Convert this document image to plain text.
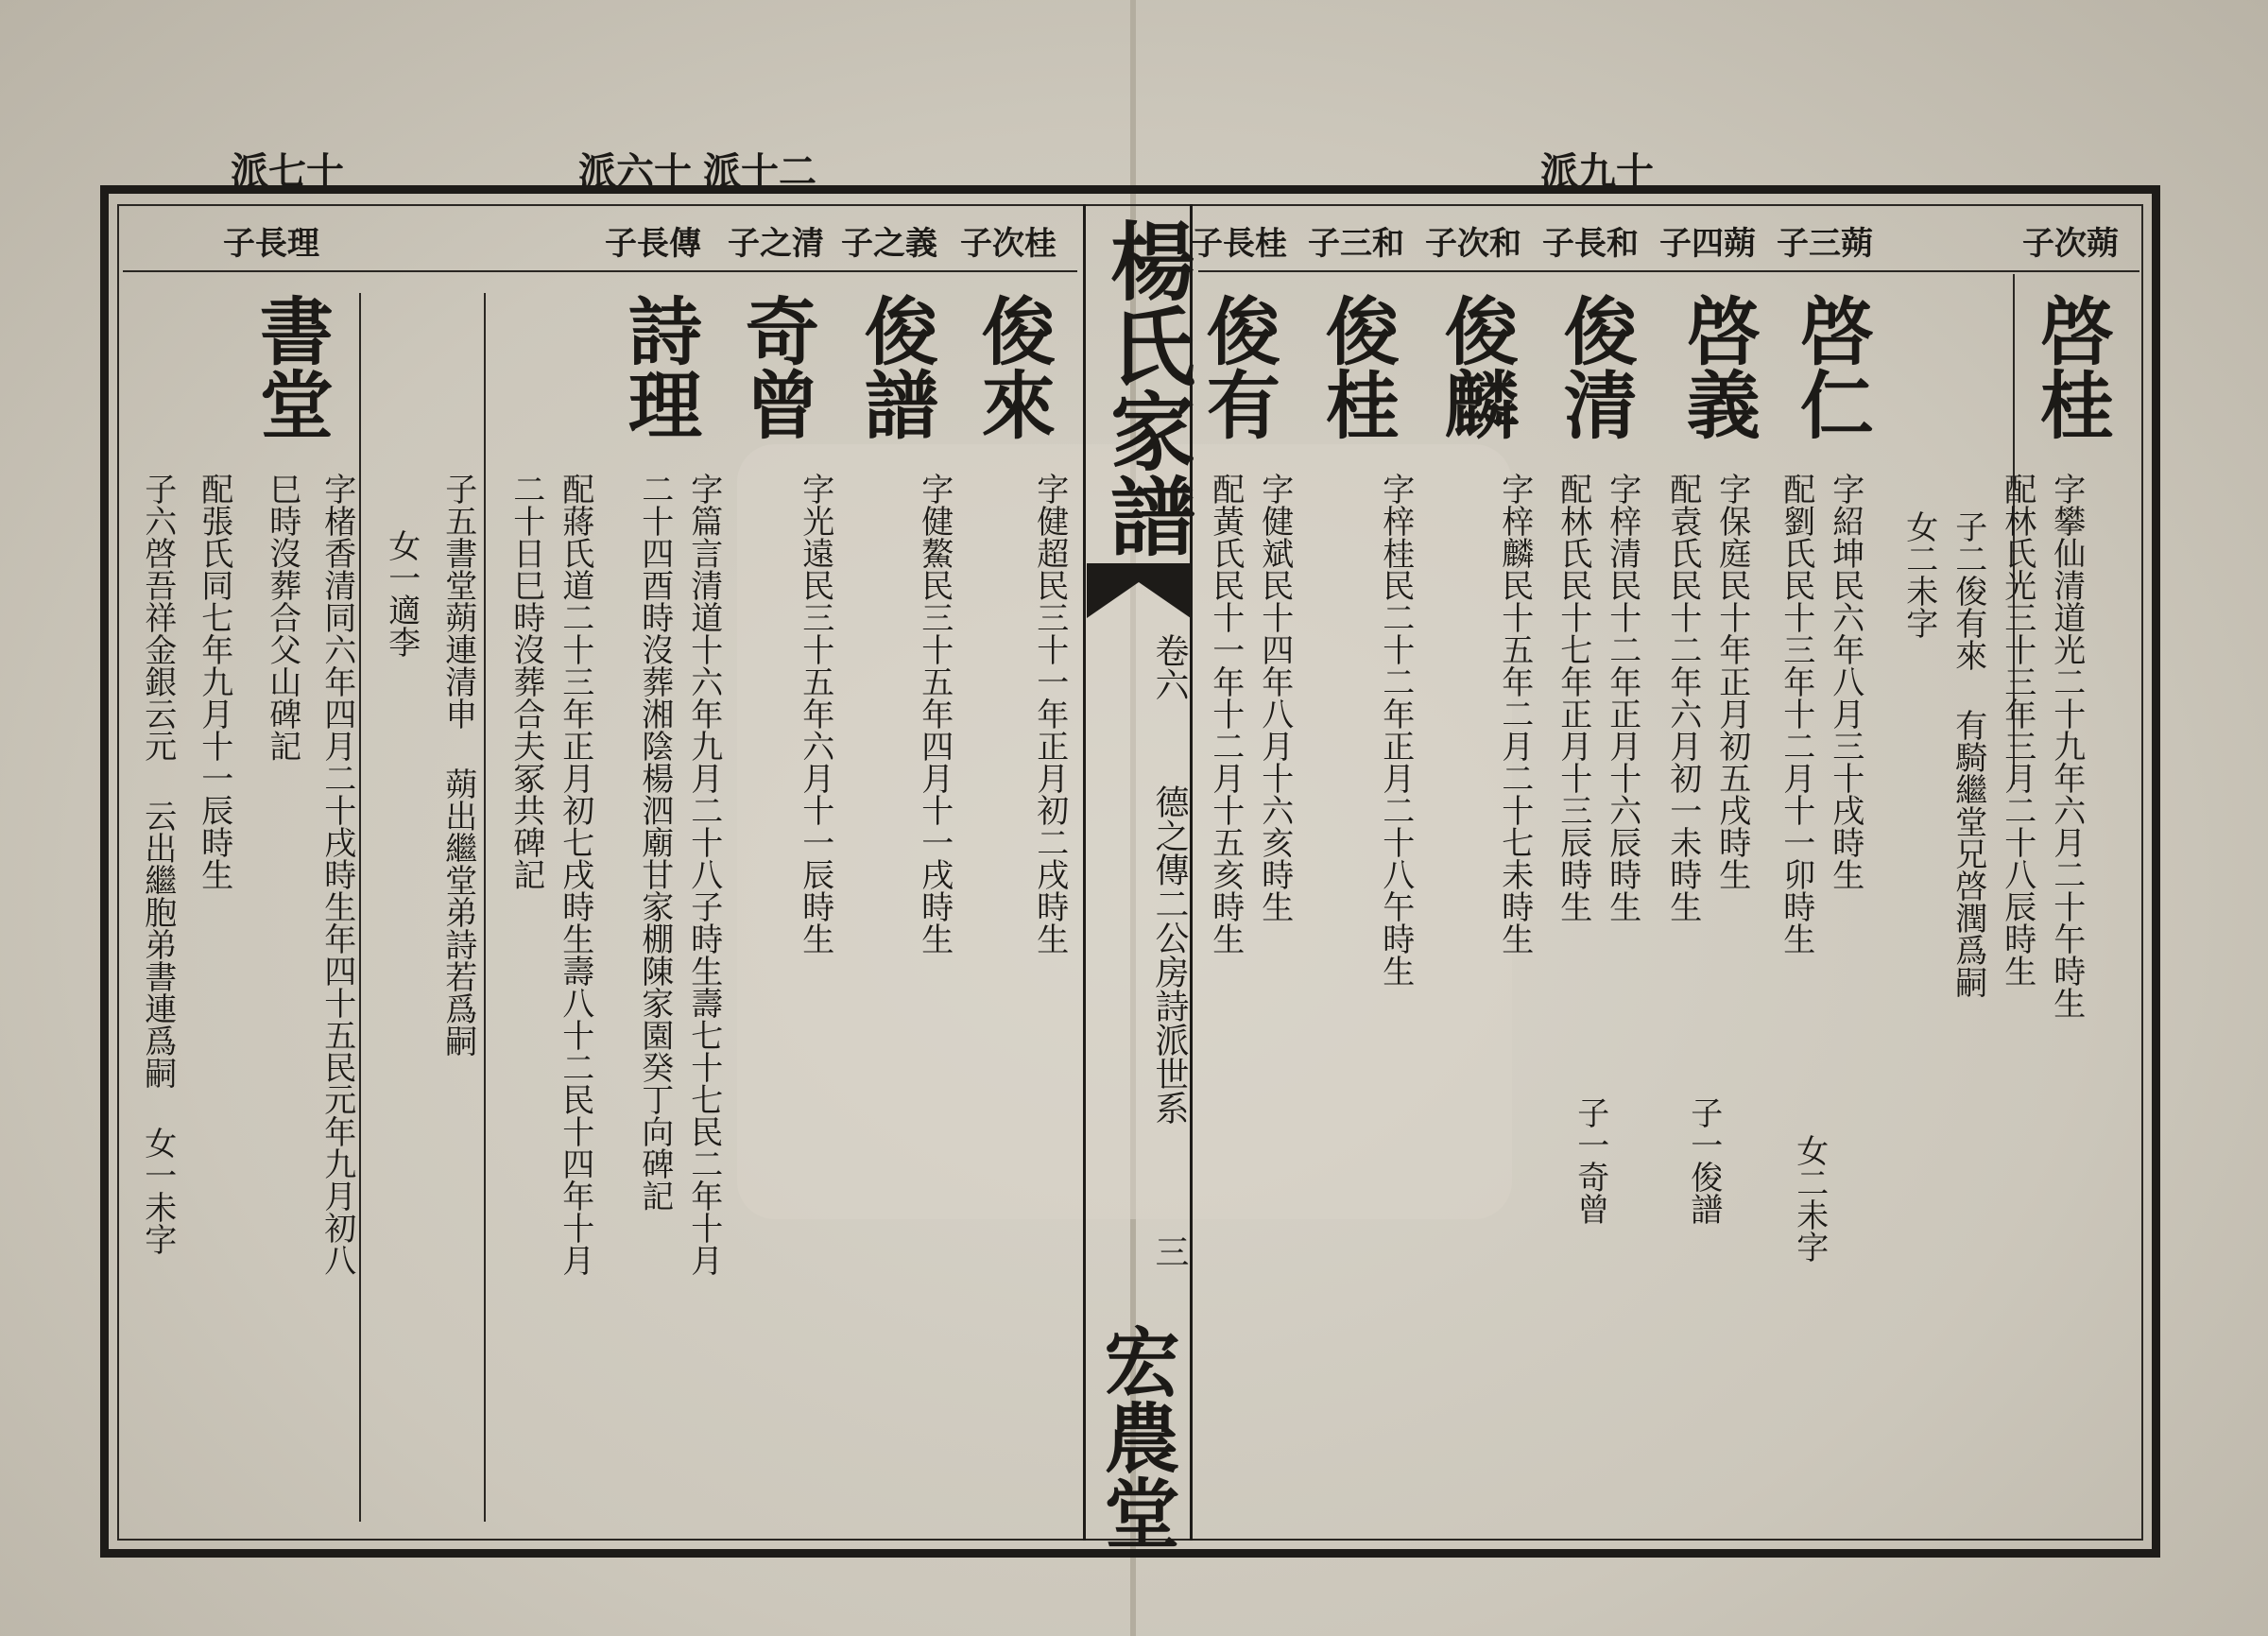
十七派	十六派 二十派	十九派
楊氏家譜
卷六
德之傳二公房詩派世系
三
宏農堂
蒴次子
啓桂
字攀仙清道光二十九年六月二十午時生
配林氏光三十三年三月二十八辰時生
子二俊有來 有騎繼堂兄啓潤爲嗣
女二未字
蒴三子
啓仁
字紹坤民六年八月三十戌時生
配劉氏民十三年十二月十一卯時生
女二未字
蒴四子
啓義
字保庭民十年正月初五戌時生
配袁氏民十二年六月初一未時生
子一俊譜
和長子
俊清
字梓清民十二年正月十六辰時生
配林氏民十七年正月十三辰時生
子一奇曾
和次子
俊麟
字梓麟民十五年二月二十七未時生
和三子
俊桂
字梓桂民二十二年正月二十八午時生
桂長子
俊有
字健斌民十四年八月十六亥時生
配黃氏民十一年十二月十五亥時生
桂次子
俊來
字健超民三十一年正月初二戌時生
義之子
俊譜
字健鰲民三十五年四月十一戌時生
清之子
奇曾
字光遠民三十五年六月十一辰時生
傳長子
詩理
字篇言清道十六年九月二十八子時生壽七十七民二年十月
二十四酉時沒葬湘陰楊泗廟甘家棚陳家園癸丁向碑記
配蔣氏道二十三年正月初七戌時生壽八十二民十四年十月
二十日巳時沒葬合夫冢共碑記
子五書堂蒴連清申 蒴出繼堂弟詩若爲嗣
女一適李
理長子
書堂
字楮香清同六年四月二十戌時生年四十五民元年九月初八
巳時沒葬合父山碑記
配張氏同七年九月十一辰時生
子六啓吾祥金銀云元 云出繼胞弟書連爲嗣 女一未字
